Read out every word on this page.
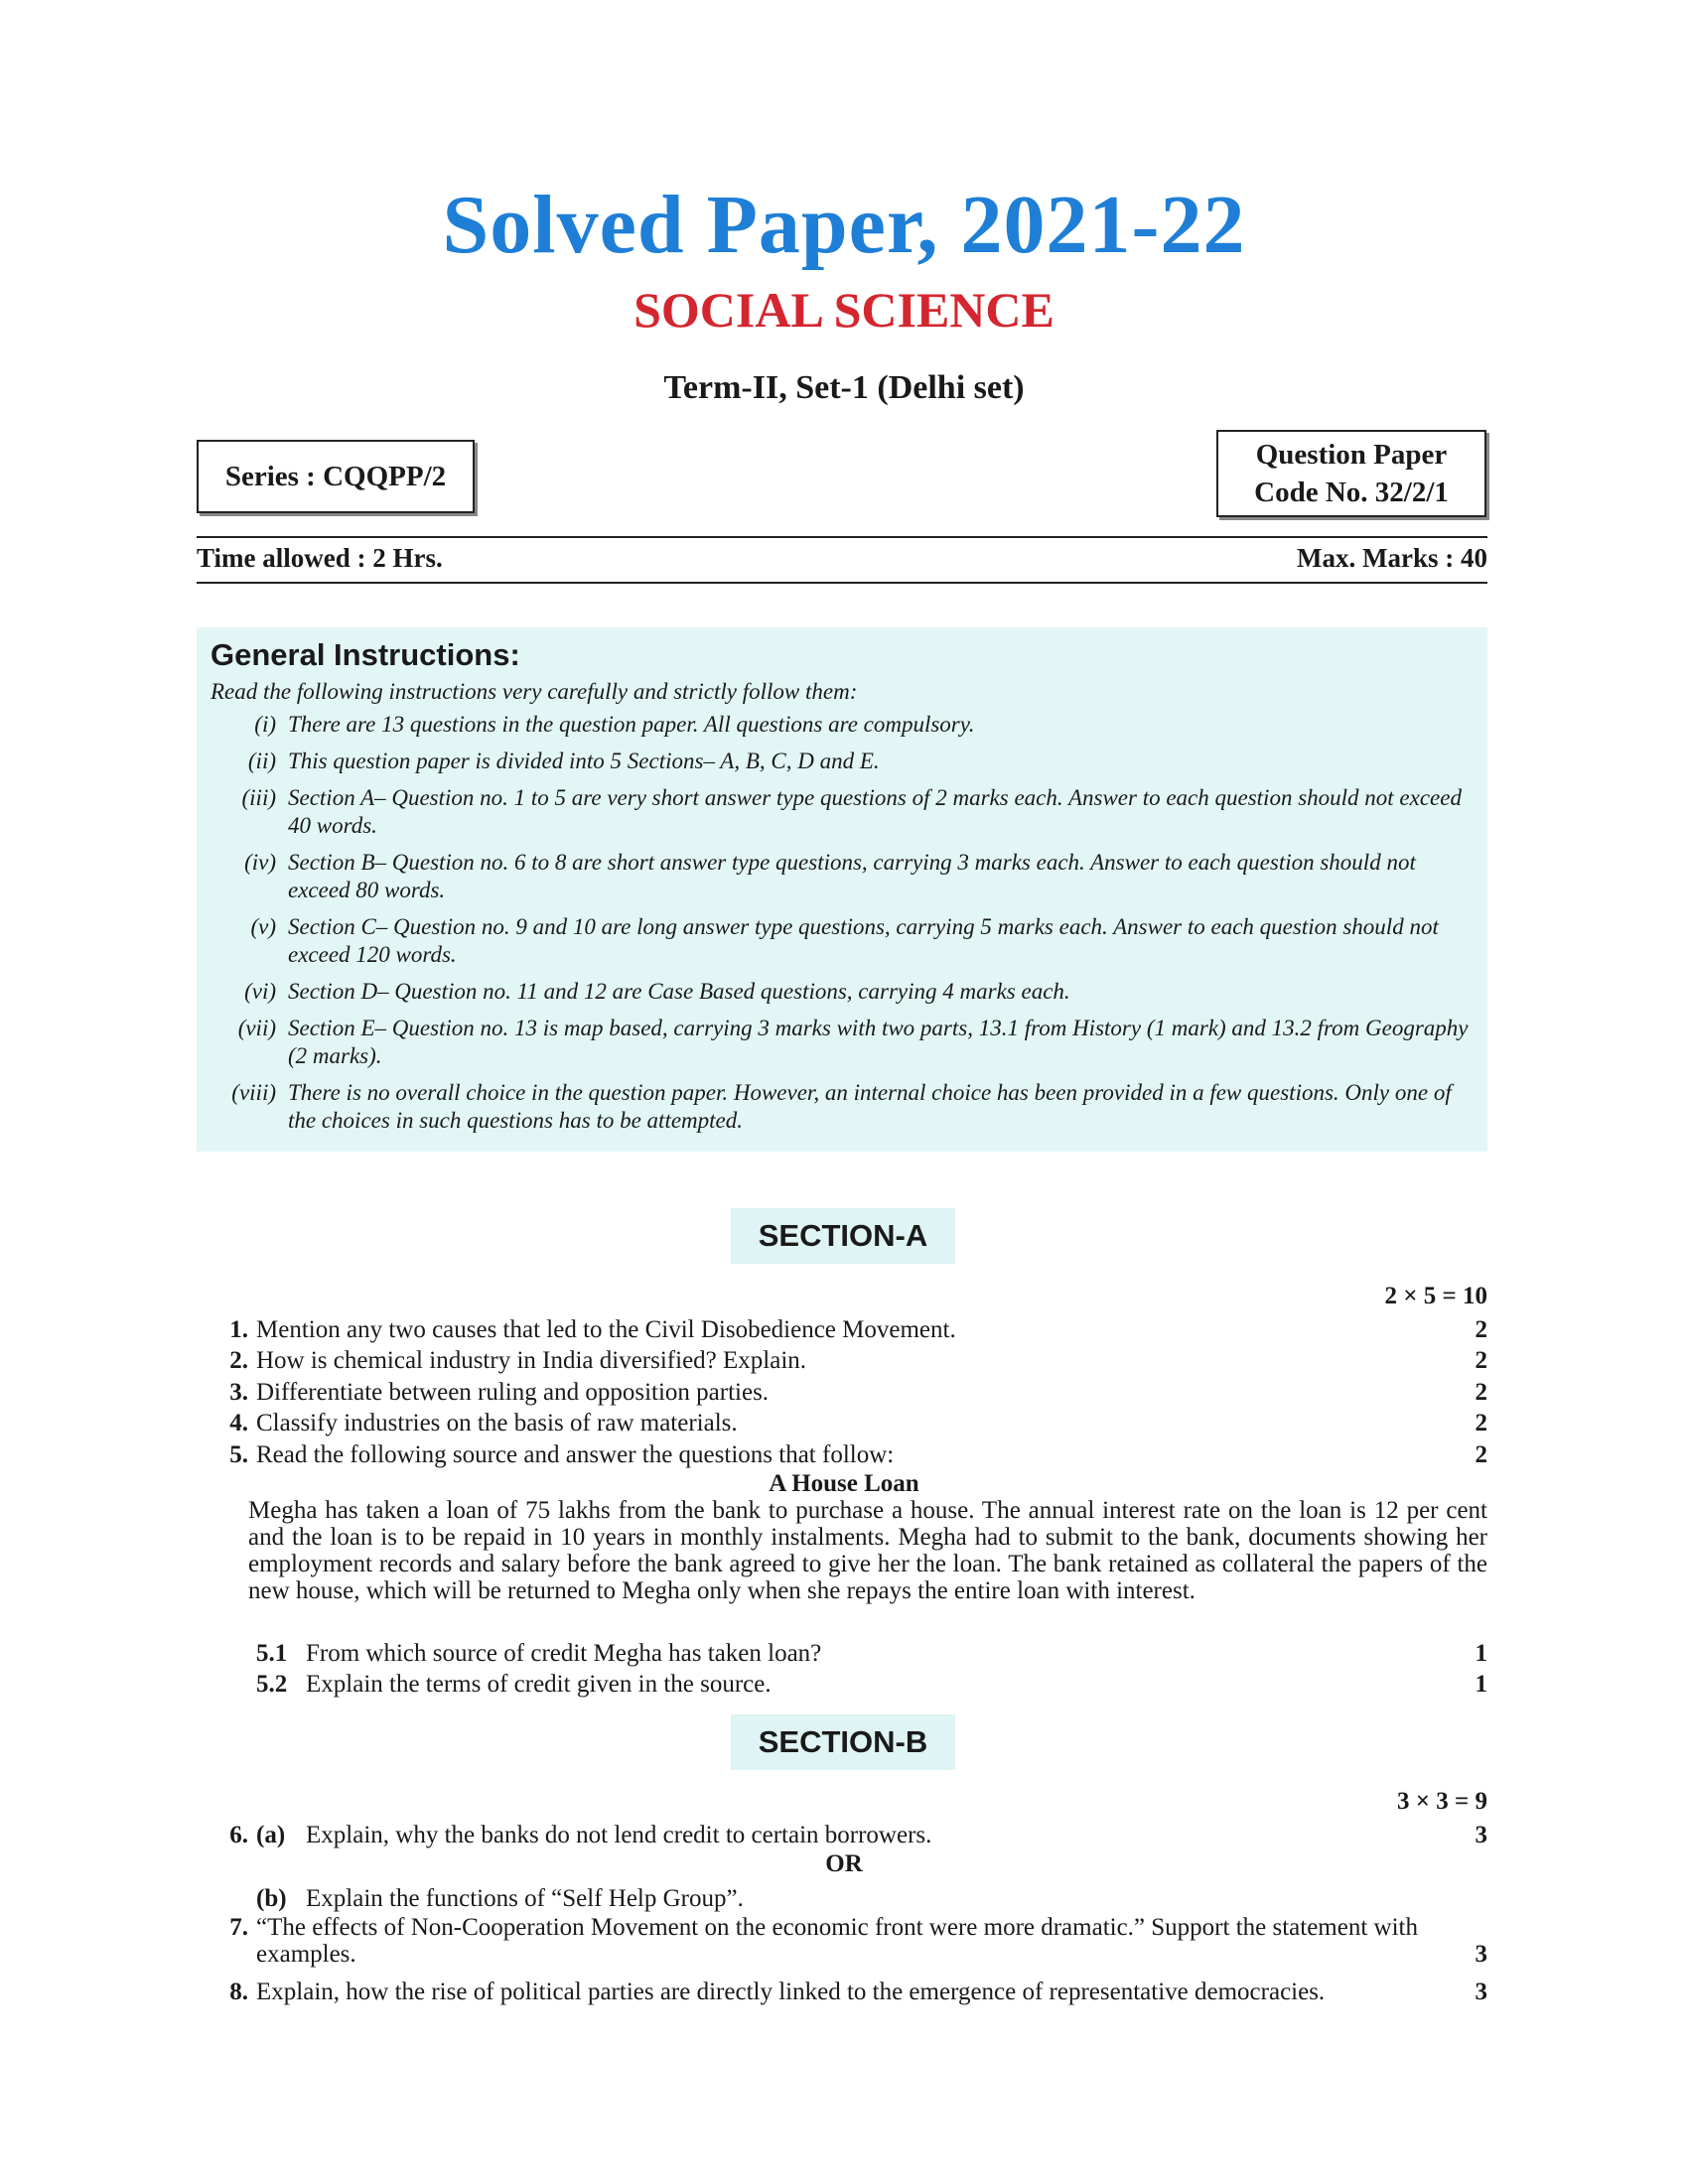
Solved Paper, 2021-22
SOCIAL SCIENCE
Term-II, Set-1 (Delhi set)
Series : CQQPP/2
Question Paper
Code No. 32/2/1
Time allowed : 2 Hrs.	Max. Marks : 40
General Instructions:
Read the following instructions very carefully and strictly follow them:
(i) There are 13 questions in the question paper. All questions are compulsory.
(ii) This question paper is divided into 5 Sections– A, B, C, D and E.
(iii) Section A– Question no. 1 to 5 are very short answer type questions of 2 marks each. Answer to each question should not exceed 40 words.
(iv) Section B– Question no. 6 to 8 are short answer type questions, carrying 3 marks each. Answer to each question should not exceed 80 words.
(v) Section C– Question no. 9 and 10 are long answer type questions, carrying 5 marks each. Answer to each question should not exceed 120 words.
(vi) Section D– Question no. 11 and 12 are Case Based questions, carrying 4 marks each.
(vii) Section E– Question no. 13 is map based, carrying 3 marks with two parts, 13.1 from History (1 mark) and 13.2 from Geography (2 marks).
(viii) There is no overall choice in the question paper. However, an internal choice has been provided in a few questions. Only one of the choices in such questions has to be attempted.
SECTION-A
2 × 5 = 10
1. Mention any two causes that led to the Civil Disobedience Movement.	2
2. How is chemical industry in India diversified? Explain.	2
3. Differentiate between ruling and opposition parties.	2
4. Classify industries on the basis of raw materials.	2
5. Read the following source and answer the questions that follow:	2
A House Loan
Megha has taken a loan of 75 lakhs from the bank to purchase a house. The annual interest rate on the loan is 12 per cent and the loan is to be repaid in 10 years in monthly instalments. Megha had to submit to the bank, documents showing her employment records and salary before the bank agreed to give her the loan. The bank retained as collateral the papers of the new house, which will be returned to Megha only when she repays the entire loan with interest.
5.1 From which source of credit Megha has taken loan?	1
5.2 Explain the terms of credit given in the source.	1
SECTION-B
3 × 3 = 9
6. (a) Explain, why the banks do not lend credit to certain borrowers.	3
OR
(b) Explain the functions of “Self Help Group”.
7. “The effects of Non-Cooperation Movement on the economic front were more dramatic.” Support the statement with examples.	3
8. Explain, how the rise of political parties are directly linked to the emergence of representative democracies.	3
